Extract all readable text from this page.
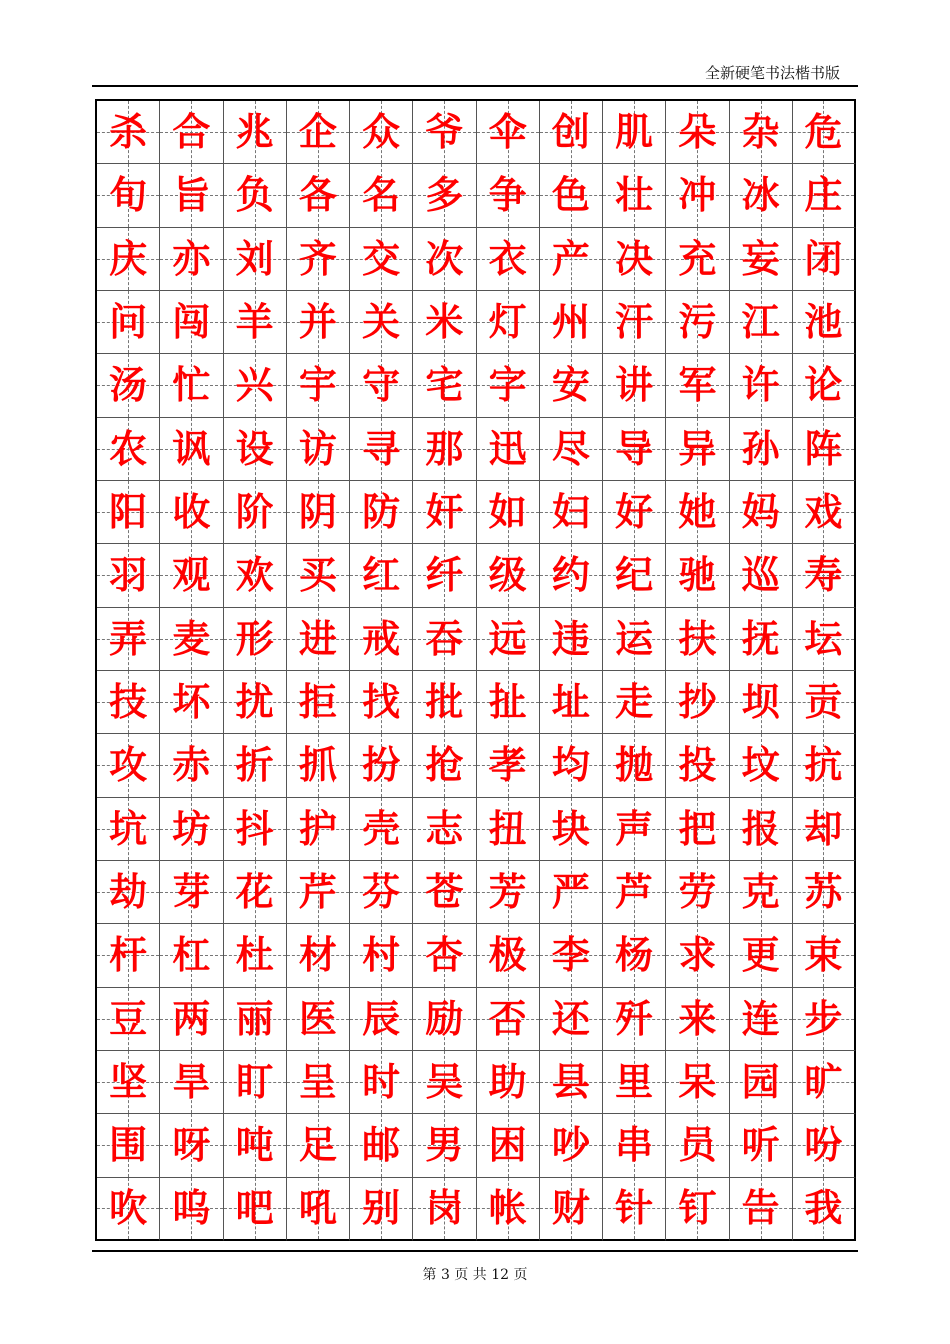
全新硬笔书法楷书版
杀 合 兆 企 众 爷 伞 创 肌 朵 杂 危
旬 旨 负 各 名 多 争 色 壮 冲 冰 庄
庆 亦 刘 齐 交 次 衣 产 决 充 妄 闭
问 闯 羊 并 关 米 灯 州 汗 污 江 池
汤 忙 兴 宇 守 宅 字 安 讲 军 许 论
农 讽 设 访 寻 那 迅 尽 导 异 孙 阵
阳 收 阶 阴 防 奸 如 妇 好 她 妈 戏
羽 观 欢 买 红 纤 级 约 纪 驰 巡 寿
弄 麦 形 进 戒 吞 远 违 运 扶 抚 坛
技 坏 扰 拒 找 批 扯 址 走 抄 坝 贡
攻 赤 折 抓 扮 抢 孝 均 抛 投 坟 抗
坑 坊 抖 护 壳 志 扭 块 声 把 报 却
劫 芽 花 芹 芬 苍 芳 严 芦 劳 克 苏
杆 杠 杜 材 村 杏 极 李 杨 求 更 束
豆 两 丽 医 辰 励 否 还 歼 来 连 步
坚 旱 盯 呈 时 吴 助 县 里 呆 园 旷
围 呀 吨 足 邮 男 困 吵 串 员 听 吩
吹 呜 吧 吼 别 岗 帐 财 针 钉 告 我
第 3 页 共 12 页
